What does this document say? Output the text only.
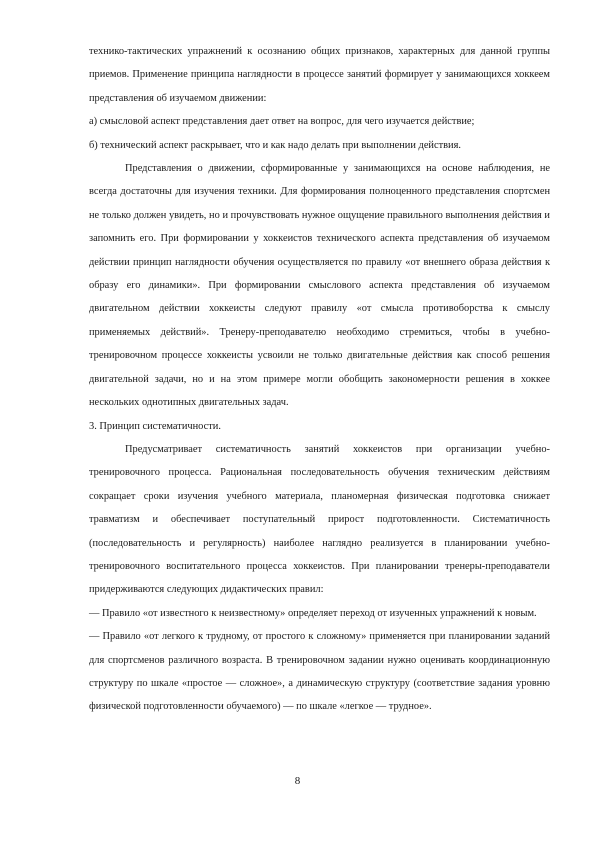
технико-тактических упражнений к осознанию общих признаков, характерных для данной группы приемов. Применение принципа наглядности в процессе занятий формирует у занимающихся хоккеем представления об изучаемом движении:

а) смысловой аспект представления дает ответ на вопрос, для чего изучается действие;

б) технический аспект раскрывает, что и как надо делать при выполнении действия.

Представления о движении, сформированные у занимающихся на основе наблюдения, не всегда достаточны для изучения техники. Для формирования полноценного представления спортсмен не только должен увидеть, но и прочувствовать нужное ощущение правильного выполнения действия и запомнить его. При формировании у хоккеистов технического аспекта представления об изучаемом действии принцип наглядности обучения осуществляется по правилу «от внешнего образа действия к образу его динамики». При формировании смыслового аспекта представления об изучаемом двигательном действии хоккеисты следуют правилу «от смысла противоборства к смыслу применяемых действий». Тренеру-преподавателю необходимо стремиться, чтобы в учебно-тренировочном процессе хоккеисты усвоили не только двигательные действия как способ решения двигательной задачи, но и на этом примере могли обобщить закономерности решения в хоккее нескольких однотипных двигательных задач.

3. Принцип систематичности.

Предусматривает систематичность занятий хоккеистов при организации учебно-тренировочного процесса. Рациональная последовательность обучения техническим действиям сокращает сроки изучения учебного материала, планомерная физическая подготовка снижает травматизм и обеспечивает поступательный прирост подготовленности. Систематичность (последовательность и регулярность) наиболее наглядно реализуется в планировании учебно-тренировочного воспитательного процесса хоккеистов. При планировании тренеры-преподаватели придерживаются следующих дидактических правил:

— Правило «от известного к неизвестному» определяет переход от изученных упражнений к новым.

— Правило «от легкого к трудному, от простого к сложному» применяется при планировании заданий для спортсменов различного возраста. В тренировочном задании нужно оценивать координационную структуру по шкале «простое — сложное», а динамическую структуру (соответствие задания уровню физической подготовленности обучаемого) — по шкале «легкое — трудное».

8
